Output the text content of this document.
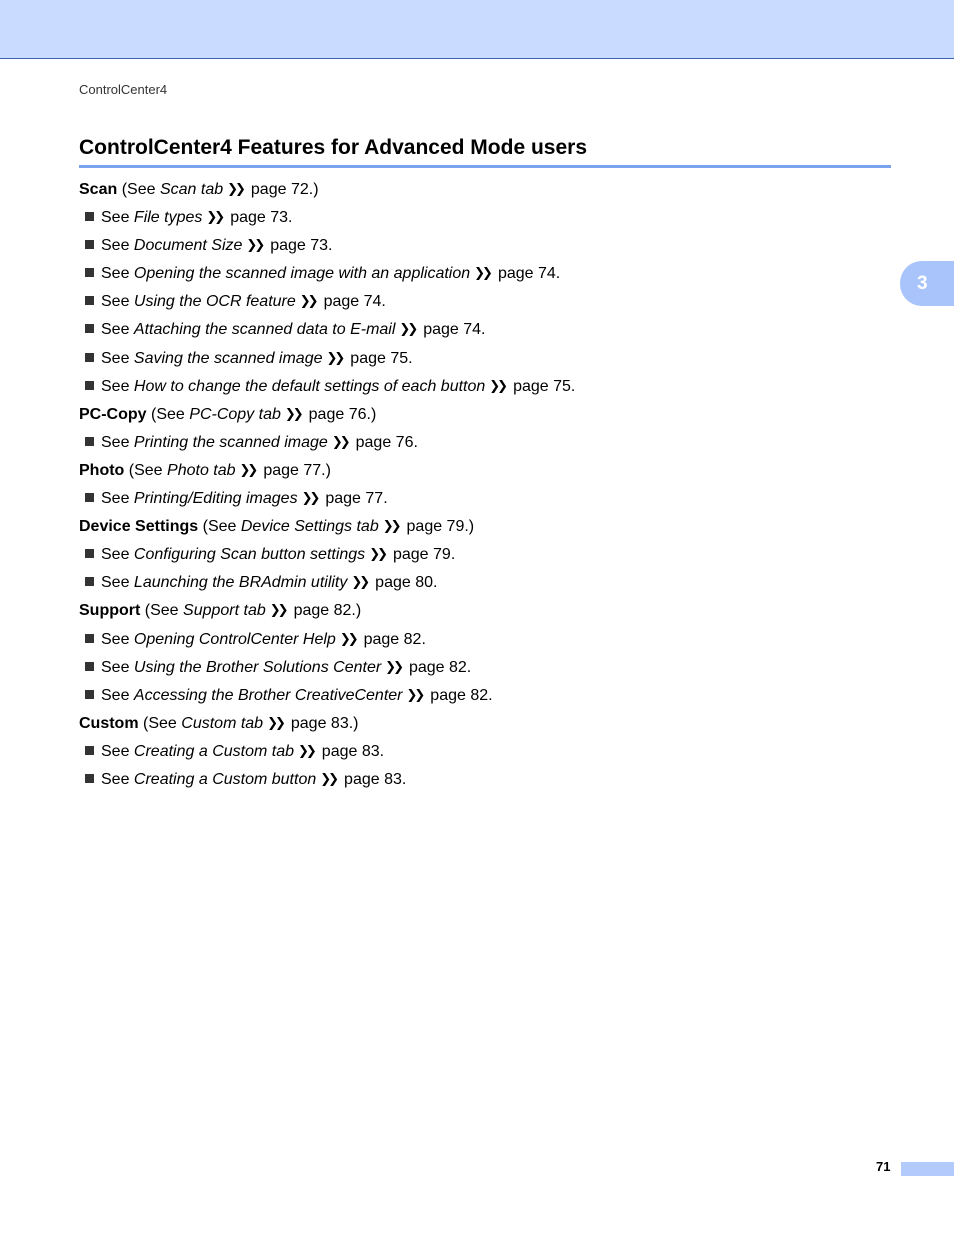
ControlCenter4
ControlCenter4 Features for Advanced Mode users
3
Scan (See Scan tab ❯❯ page 72.)
See File types ❯❯ page 73.
See Document Size ❯❯ page 73.
See Opening the scanned image with an application ❯❯ page 74.
See Using the OCR feature ❯❯ page 74.
See Attaching the scanned data to E-mail ❯❯ page 74.
See Saving the scanned image ❯❯ page 75.
See How to change the default settings of each button ❯❯ page 75.
PC-Copy (See PC-Copy tab ❯❯ page 76.)
See Printing the scanned image ❯❯ page 76.
Photo (See Photo tab ❯❯ page 77.)
See Printing/Editing images ❯❯ page 77.
Device Settings (See Device Settings tab ❯❯ page 79.)
See Configuring Scan button settings ❯❯ page 79.
See Launching the BRAdmin utility ❯❯ page 80.
Support (See Support tab ❯❯ page 82.)
See Opening ControlCenter Help ❯❯ page 82.
See Using the Brother Solutions Center ❯❯ page 82.
See Accessing the Brother CreativeCenter ❯❯ page 82.
Custom (See Custom tab ❯❯ page 83.)
See Creating a Custom tab ❯❯ page 83.
See Creating a Custom button ❯❯ page 83.
71
